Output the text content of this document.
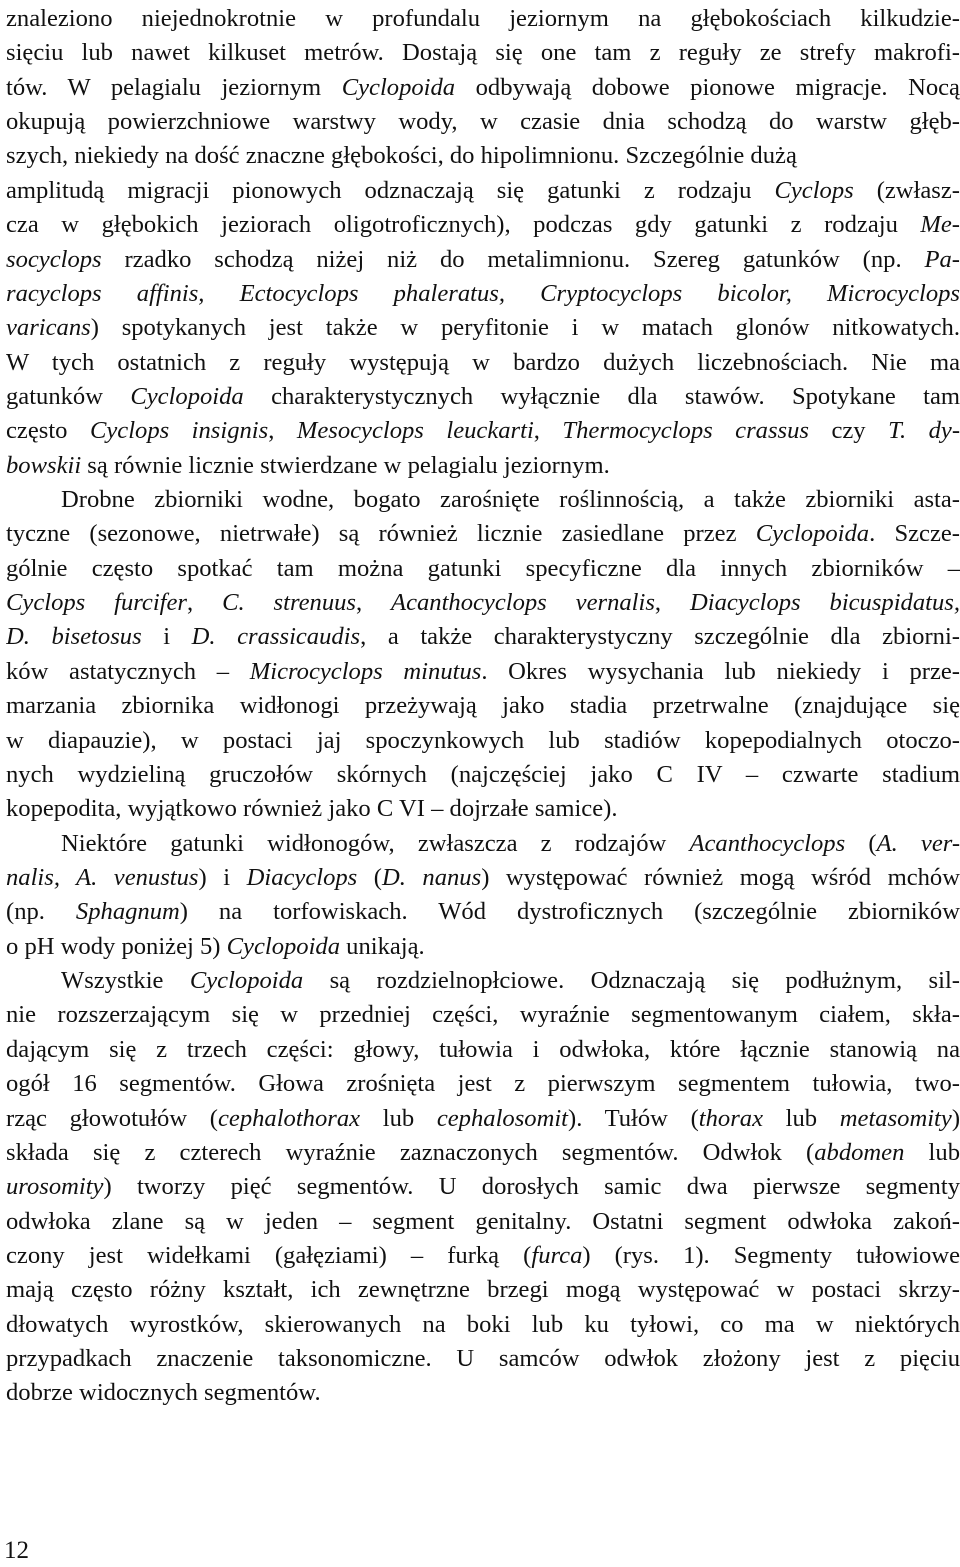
znaleziono niejednokrotnie w profundalu jeziornym na głębokościach kilkudzie-
sięciu lub nawet kilkuset metrów. Dostają się one tam z reguły ze strefy makrofi-
tów. W pelagialu jeziornym Cyclopoida odbywają dobowe pionowe migracje. Nocą
okupują powierzchniowe warstwy wody, w czasie dnia schodzą do warstw głęb-
szych, niekiedy na dość znaczne głębokości, do hipolimnionu. Szczególnie dużą
amplitudą migracji pionowych odznaczają się gatunki z rodzaju Cyclops (zwłasz-
cza w głębokich jeziorach oligotroficznych), podczas gdy gatunki z rodzaju Me-
socyclops rzadko schodzą niżej niż do metalimnionu. Szereg gatunków (np. Pa-
racyclops affinis, Ectocyclops phaleratus, Cryptocyclops bicolor, Microcyclops
varicans) spotykanych jest także w peryfitonie i w matach glonów nitkowatych.
W tych ostatnich z reguły występują w bardzo dużych liczebnościach. Nie ma
gatunków Cyclopoida charakterystycznych wyłącznie dla stawów. Spotykane tam
często Cyclops insignis, Mesocyclops leuckarti, Thermocyclops crassus czy T. dy-
bowskii są równie licznie stwierdzane w pelagialu jeziornym.
Drobne zbiorniki wodne, bogato zarośnięte roślinnością, a także zbiorniki asta-
tyczne (sezonowe, nietrwałe) są również licznie zasiedlane przez Cyclopoida. Szcze-
gólnie często spotkać tam można gatunki specyficzne dla innych zbiorników –
Cyclops furcifer, C. strenuus, Acanthocyclops vernalis, Diacyclops bicuspidatus,
D. bisetosus i D. crassicaudis, a także charakterystyczny szczególnie dla zbiorni-
ków astatycznych – Microcyclops minutus. Okres wysychania lub niekiedy i prze-
marzania zbiornika widłonogi przeżywają jako stadia przetrwalne (znajdujące się
w diapauzie), w postaci jaj spoczynkowych lub stadiów kopepodialnych otoczo-
nych wydzieliną gruczołów skórnych (najczęściej jako C IV – czwarte stadium
kopepodita, wyjątkowo również jako C VI – dojrzałe samice).
Niektóre gatunki widłonogów, zwłaszcza z rodzajów Acanthocyclops (A. ver-
nalis, A. venustus) i Diacyclops (D. nanus) występować również mogą wśród mchów
(np. Sphagnum) na torfowiskach. Wód dystroficznych (szczególnie zbiorników
o pH wody poniżej 5) Cyclopoida unikają.
Wszystkie Cyclopoida są rozdzielnopłciowe. Odznaczają się podłużnym, sil-
nie rozszerzającym się w przedniej części, wyraźnie segmentowanym ciałem, skła-
dającym się z trzech części: głowy, tułowia i odwłoka, które łącznie stanowią na
ogół 16 segmentów. Głowa zrośnięta jest z pierwszym segmentem tułowia, two-
rząc głowotułów (cephalothorax lub cephalosomit). Tułów (thorax lub metasomity)
składa się z czterech wyraźnie zaznaczonych segmentów. Odwłok (abdomen lub
urosomity) tworzy pięć segmentów. U dorosłych samic dwa pierwsze segmenty
odwłoka zlane są w jeden – segment genitalny. Ostatni segment odwłoka zakoń-
czony jest widełkami (gałęziami) – furką (furca) (rys. 1). Segmenty tułowiowe
mają często różny kształt, ich zewnętrzne brzegi mogą występować w postaci skrzy-
dłowatych wyrostków, skierowanych na boki lub ku tyłowi, co ma w niektórych
przypadkach znaczenie taksonomiczne. U samców odwłok złożony jest z pięciu
dobrze widocznych segmentów.
12
